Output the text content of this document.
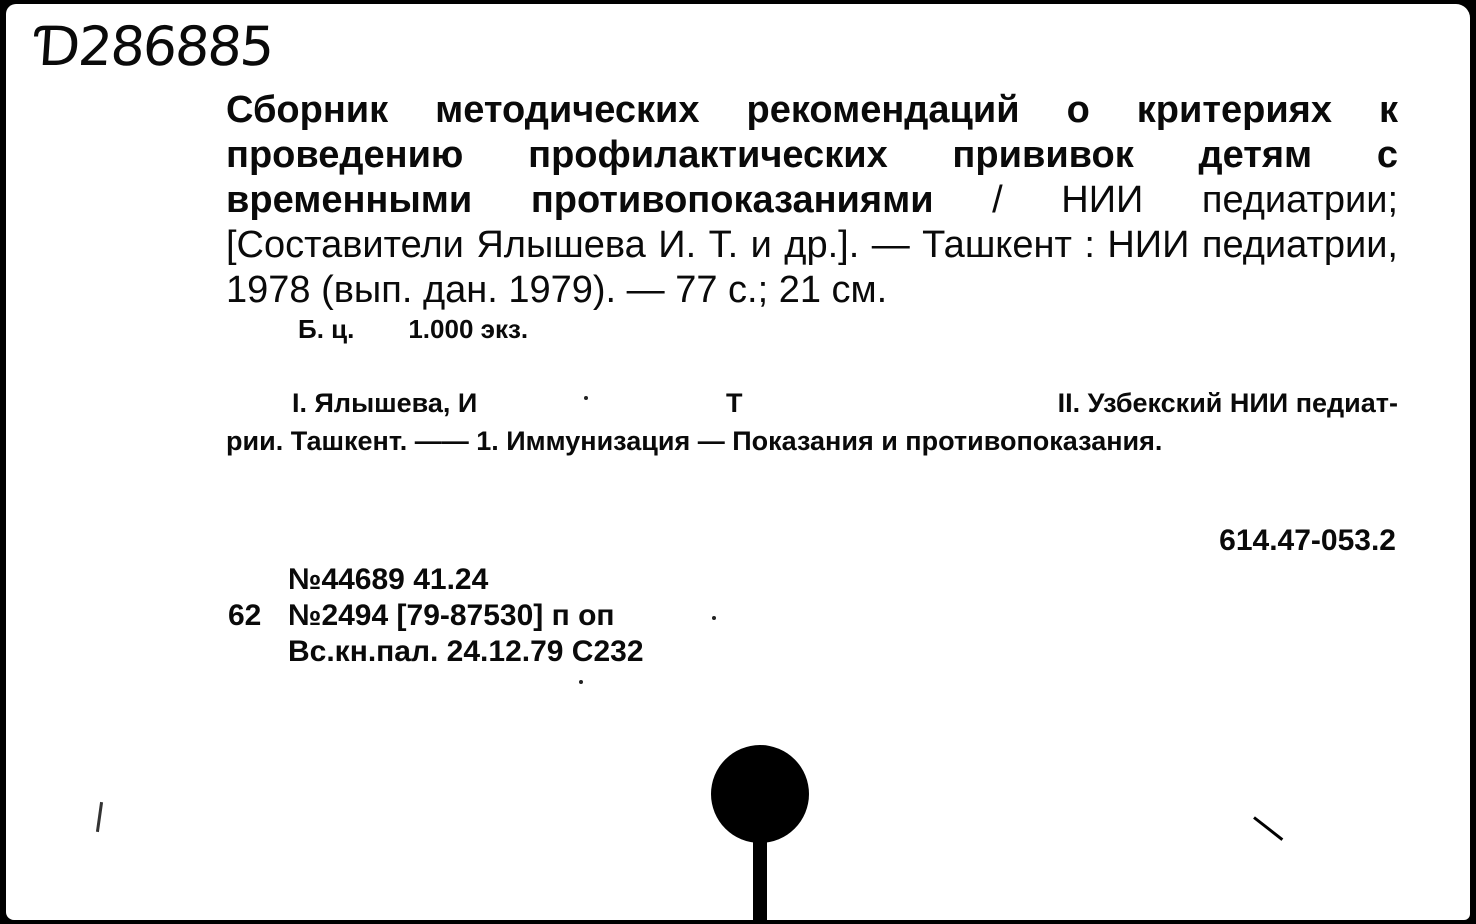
Ɗ286885
Сборник методических рекомендаций о критериях к проведению профилактических прививок детям с временными противопоказаниями / НИИ педиатрии; [Составители Ялышева И. Т. и др.]. — Ташкент : НИИ педиатрии, 1978 (вып. дан. 1979). — 77 с.; 21 см.
Б. ц. 1.000 экз.
I. Ялышева, И	Т	II. Узбекский НИИ педиат-
рии. Ташкент. —— 1. Иммунизация — Показания и противопоказания.
614.47-053.2
№44689 41.24
62 №2494 [79-87530] п оп
Вс.кн.пал. 24.12.79 С232
